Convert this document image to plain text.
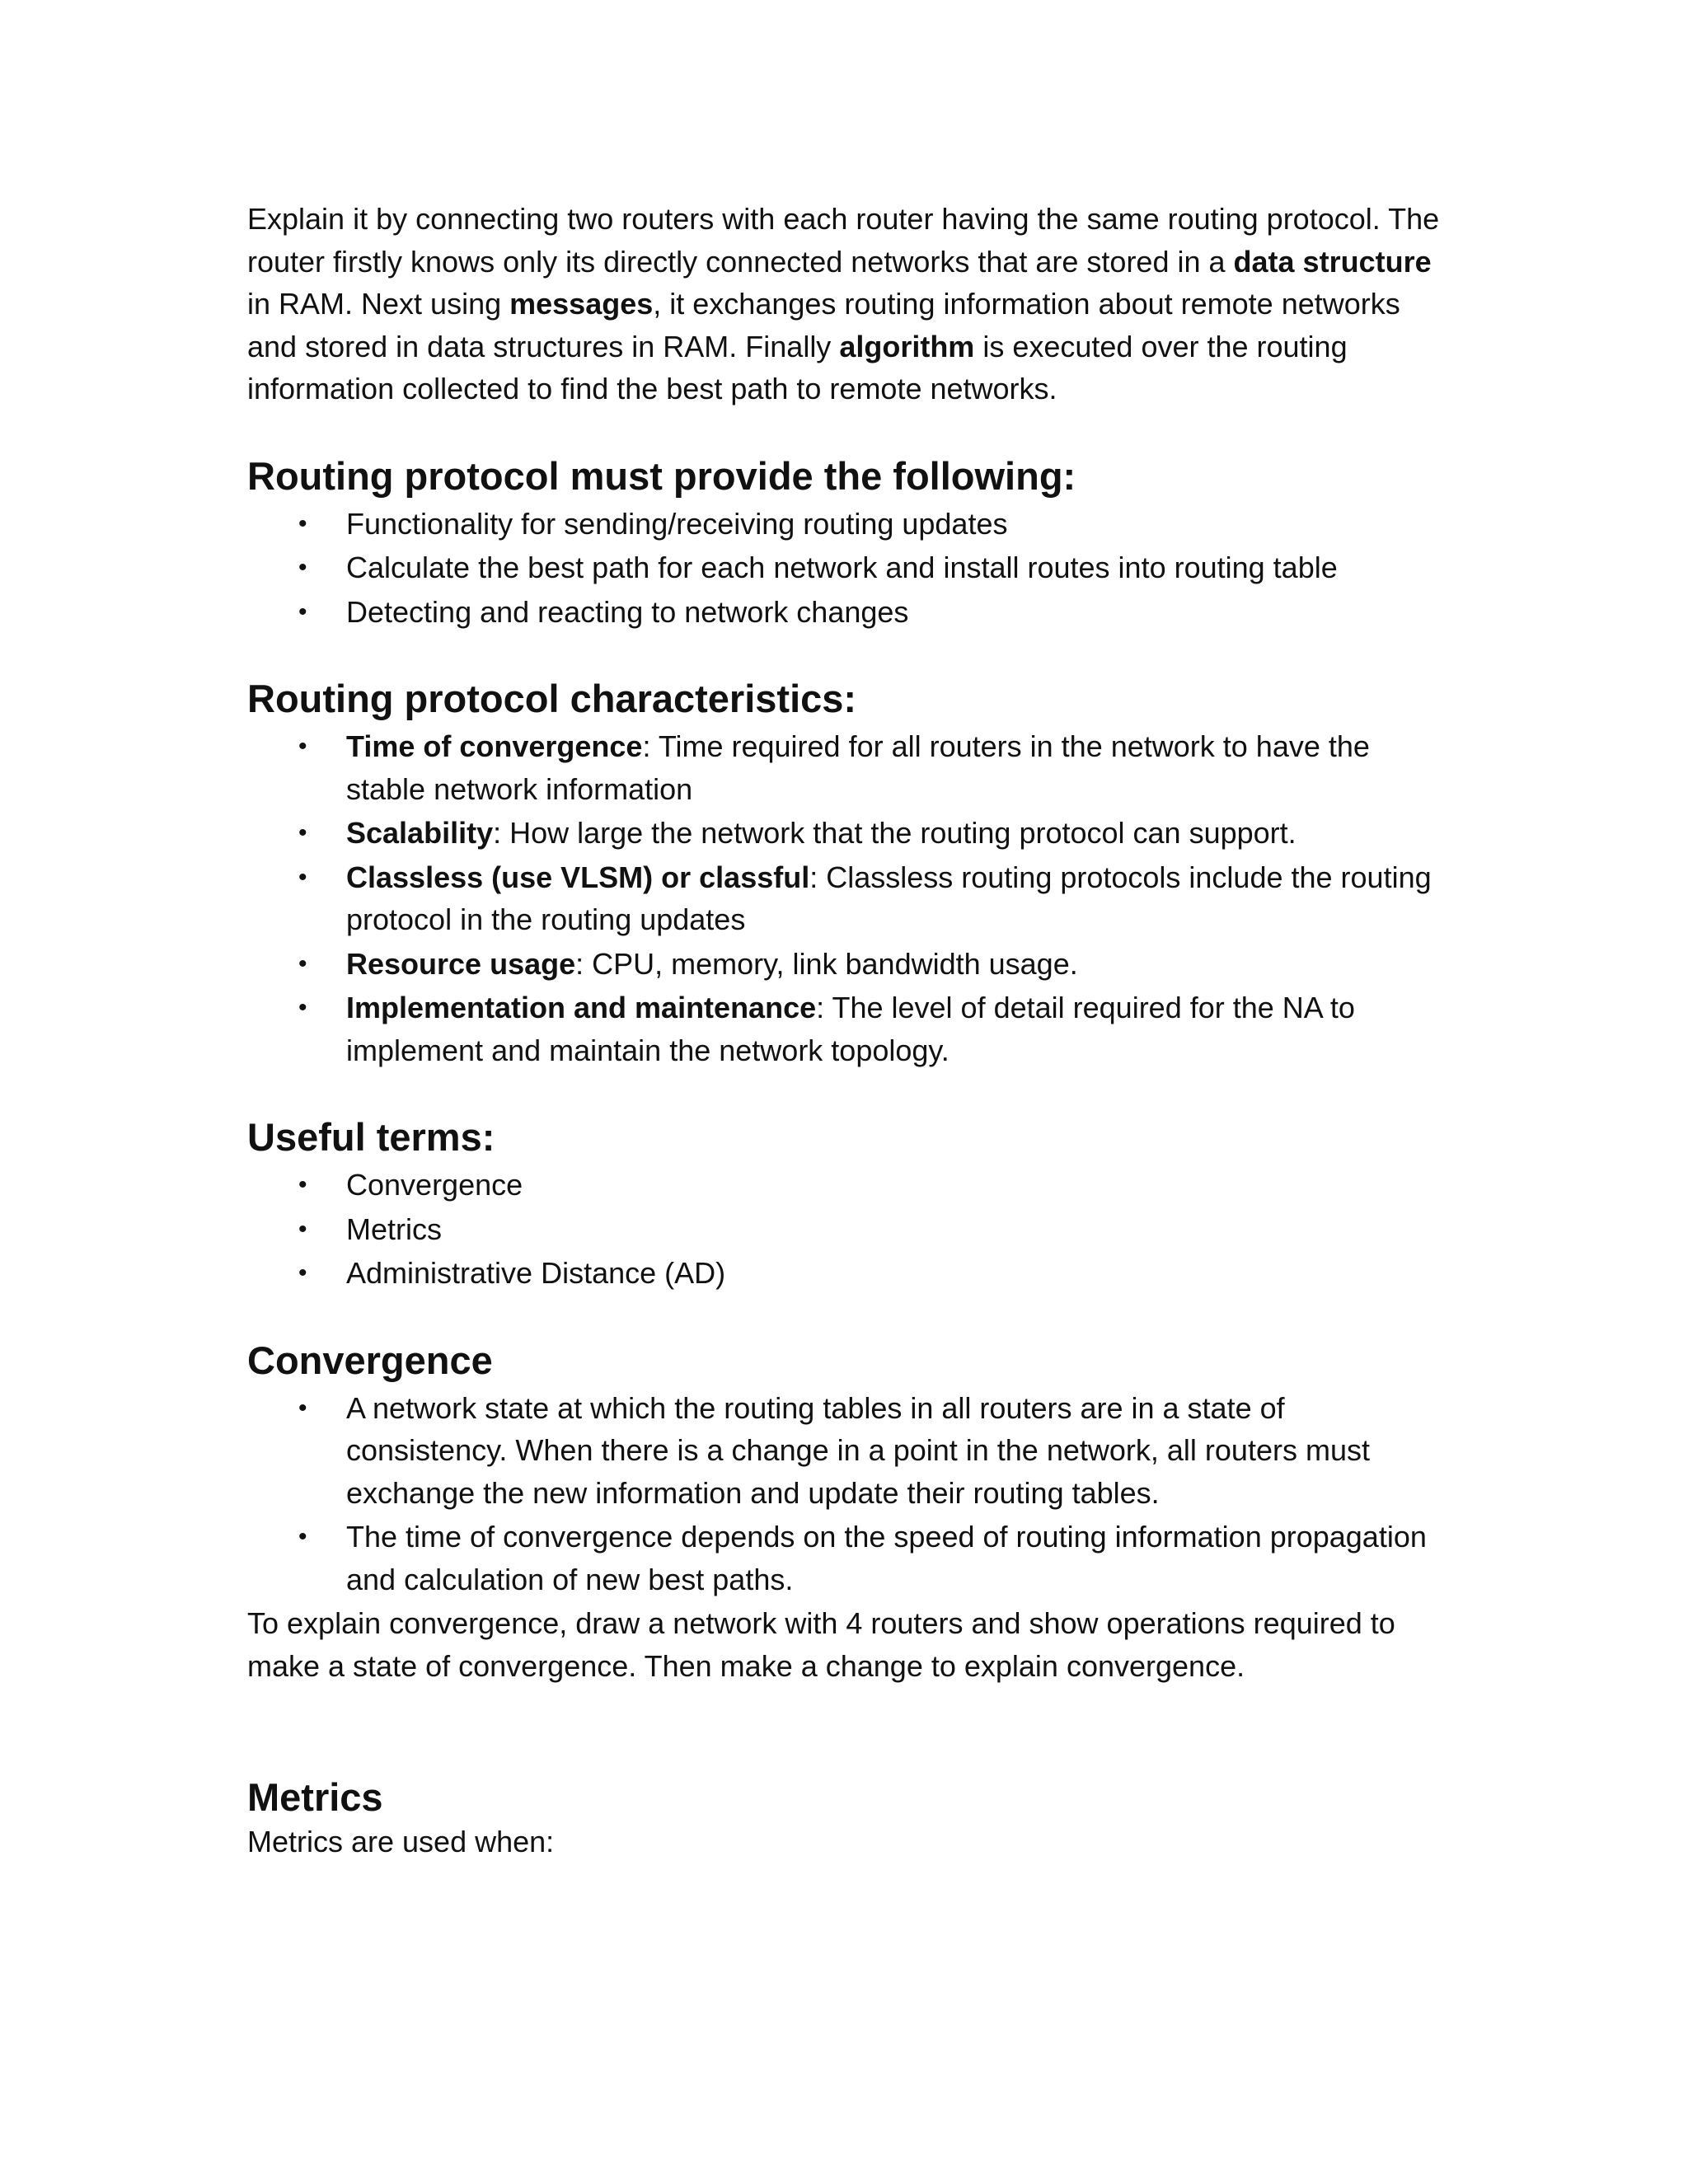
Explain it by connecting two routers with each router having the same routing protocol. The router firstly knows only its directly connected networks that are stored in a data structure in RAM. Next using messages, it exchanges routing information about remote networks and stored in data structures in RAM. Finally algorithm is executed over the routing information collected to find the best path to remote networks.

Routing protocol must provide the following:
•	Functionality for sending/receiving routing updates
•	Calculate the best path for each network and install routes into routing table
•	Detecting and reacting to network changes
Routing protocol characteristics:
•	Time of convergence: Time required for all routers in the network to have the stable network information
•	Scalability: How large the network that the routing protocol can support.
•	Classless (use VLSM) or classful: Classless routing protocols include the routing protocol in the routing updates
•	Resource usage: CPU, memory, link bandwidth usage.
•	Implementation and maintenance: The level of detail required for the NA to implement and maintain the network topology.
Useful terms:
•	Convergence
•	Metrics
•	Administrative Distance (AD)
Convergence
•	A network state at which the routing tables in all routers are in a state of consistency. When there is a change in a point in the network, all routers must exchange the new information and update their routing tables.
•	The time of convergence depends on the speed of routing information propagation and calculation of new best paths.

To explain convergence, draw a network with 4 routers and show operations required to make a state of convergence. Then make a change to explain convergence.

Metrics

Metrics are used when:
